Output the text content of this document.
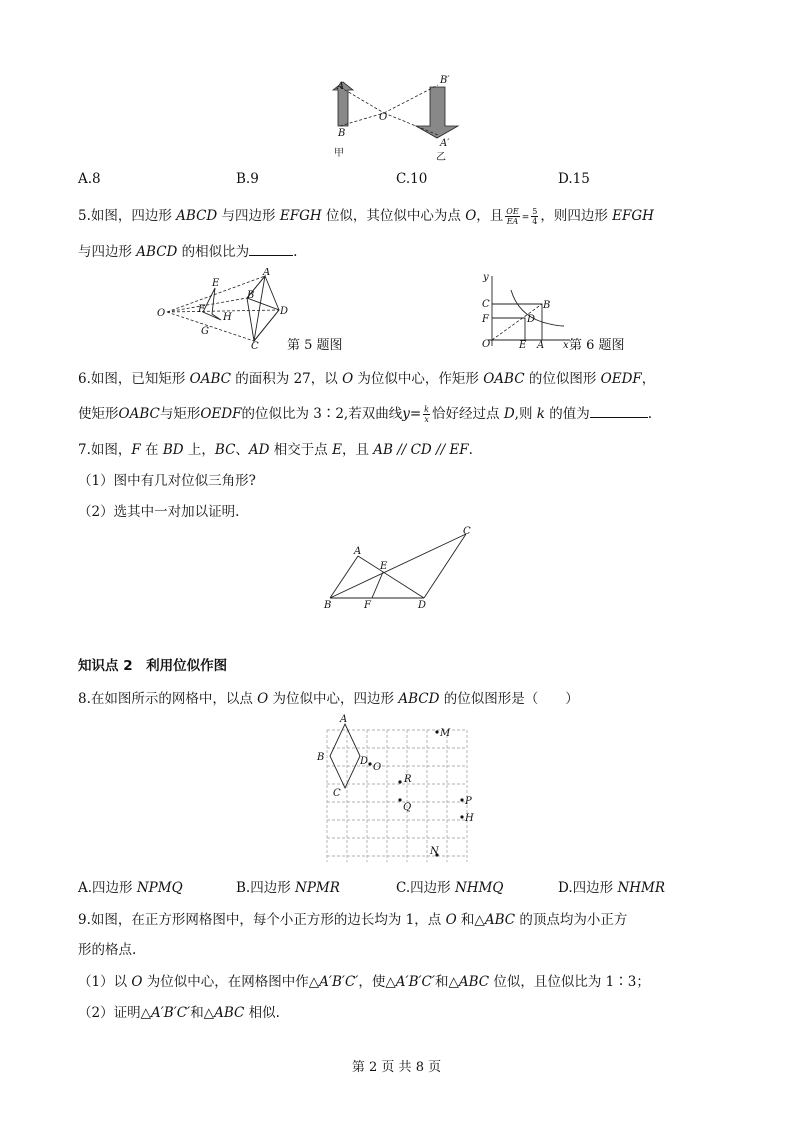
A
B
O
B′
A′
甲	乙
A.8	B.9	C.10	D.15
5.如图，四边形 ABCD 与四边形 EFGH 位似，其位似中心为点 O，且 $\frac{OE}{EA} = \frac{5}{4}$ ，则四边形 EFGH
与四边形 ABCD 的相似比为	.
A
E
B
F
H
D
O
G
C 第 5 题图
y
C	B
F	D
O	E A x 第 6 题图
6.如图，已知矩形 OABC 的面积为 27，以 O 为位似中心，作矩形 OABC 的位似图形 OEDF，
使矩形OABC与矩形OEDF的位似比为 3∶2,若双曲线$y= \frac{k}{x}$ 恰好经过点 D,则 k 的值为	.
7.如图，F 在 BD 上，BC、AD 相交于点 E，且 AB // CD // EF.
（1）图中有几对位似三角形?
（2）选其中一对加以证明.
C
A
E
B	F	D
知识点 2　利用位似作图
8.在如图所示的网格中，以点 O 为位似中心，四边形 ABCD 的位似图形是（　　）
A
M
B	D
O
R
C
Q
P
H
N
A.四边形 NPMQ	B.四边形 NPMR	C.四边形 NHMQ	D.四边形 NHMR
9.如图，在正方形网格图中，每个小正方形的边长均为 1，点 O 和△ABC 的顶点均为小正方
形的格点.
（1）以 O 为位似中心，在网格图中作△A′B′C′，使△A′B′C′和△ABC 位似，且位似比为 1∶3；
（2）证明△A′B′C′和△ABC 相似.
第 2 页 共 8 页
